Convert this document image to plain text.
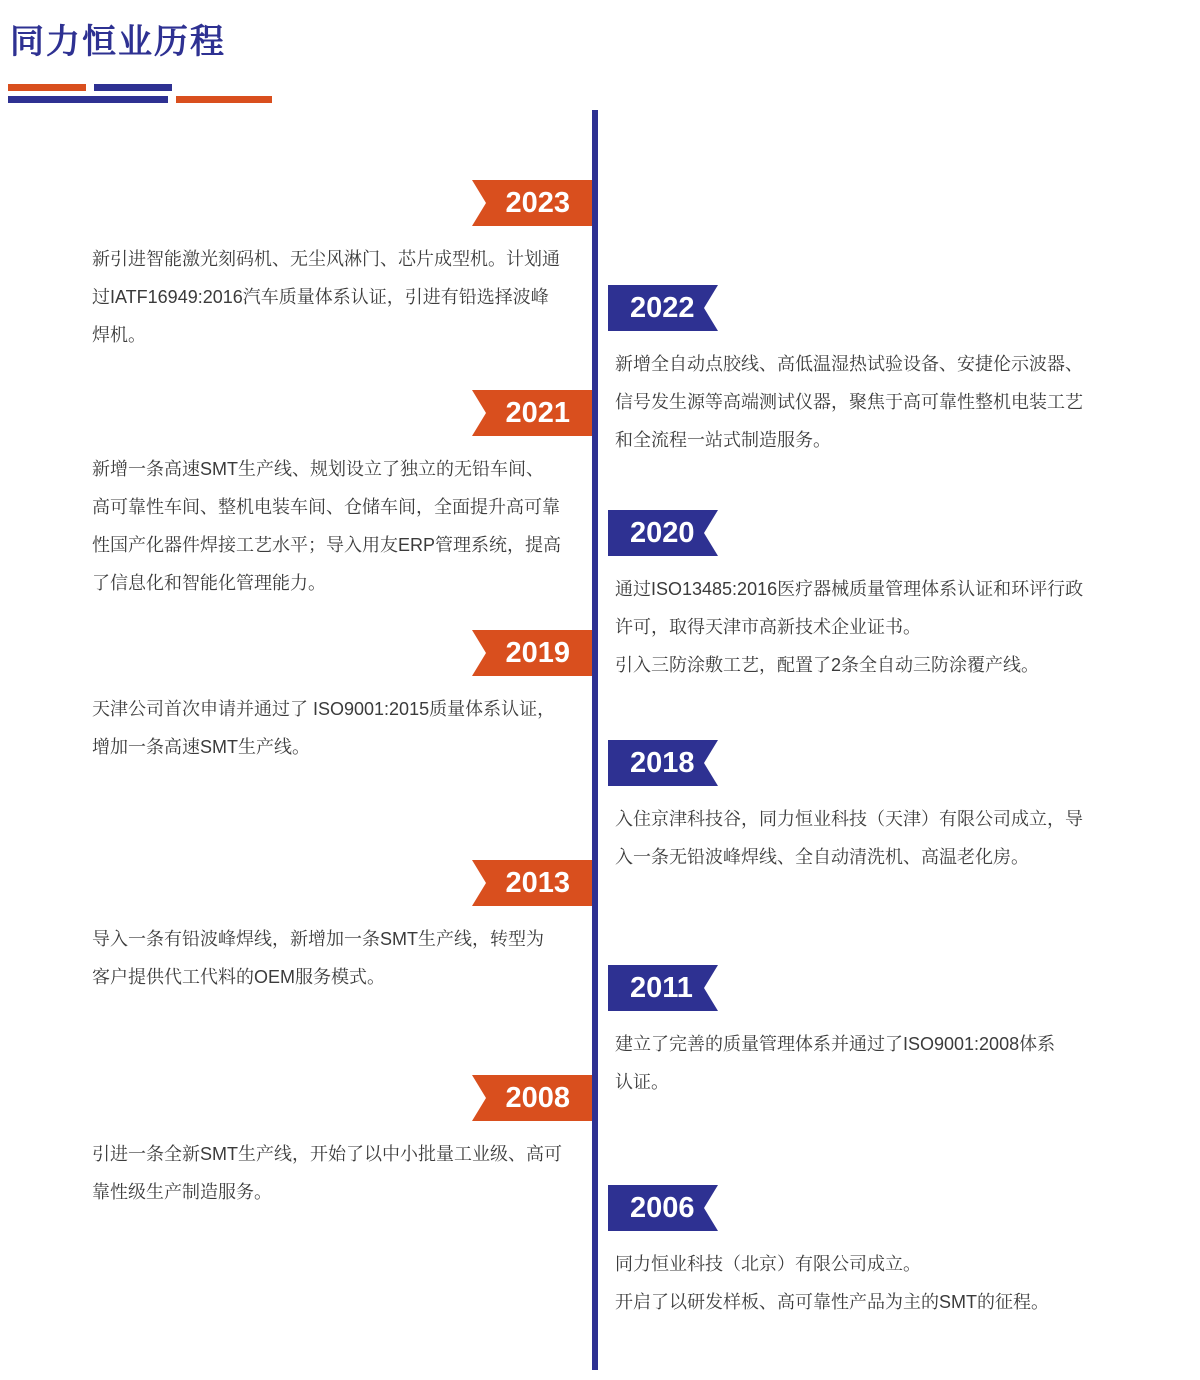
同力恒业历程
2023

新引进智能激光刻码机、无尘风淋门、芯片成型机。计划通

过IATF16949:2016汽车质量体系认证，引进有铅选择波峰

焊机。

2022

新增全自动点胶线、高低温湿热试验设备、安捷伦示波器、

信号发生源等高端测试仪器，聚焦于高可靠性整机电装工艺

和全流程一站式制造服务。

2021

新增一条高速SMT生产线、规划设立了独立的无铅车间、

高可靠性车间、整机电装车间、仓储车间，全面提升高可靠

性国产化器件焊接工艺水平；导入用友ERP管理系统，提高

了信息化和智能化管理能力。

2020

通过ISO13485:2016医疗器械质量管理体系认证和环评行政

许可，取得天津市高新技术企业证书。

引入三防涂敷工艺，配置了2条全自动三防涂覆产线。

2019

天津公司首次申请并通过了 ISO9001:2015质量体系认证，

增加一条高速SMT生产线。	2018

入住京津科技谷，同力恒业科技（天津）有限公司成立，导

入一条无铅波峰焊线、全自动清洗机、高温老化房。

2013

导入一条有铅波峰焊线，新增加一条SMT生产线，转型为

客户提供代工代料的OEM服务模式。	2011

建立了完善的质量管理体系并通过了ISO9001:2008体系

认证。

2008

引进一条全新SMT生产线，开始了以中小批量工业级、高可

靠性级生产制造服务。	2006

同力恒业科技（北京）有限公司成立。

开启了以研发样板、高可靠性产品为主的SMT的征程。
